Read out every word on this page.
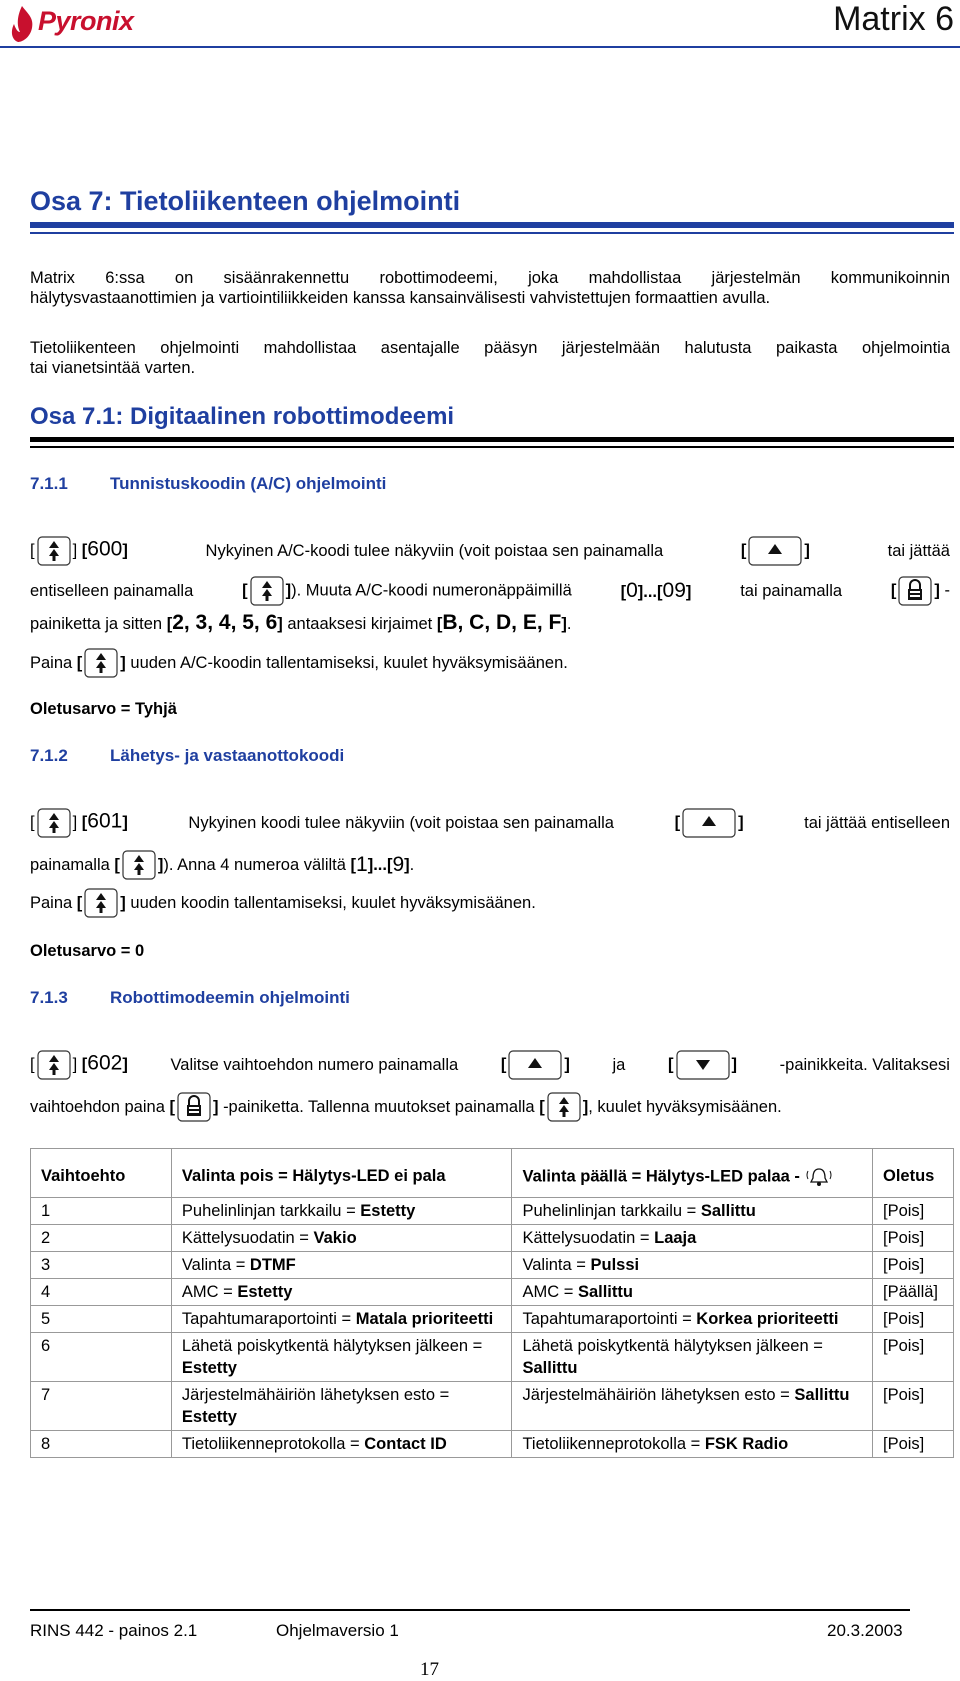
Pyronix	Matrix 6
Osa 7: Tietoliikenteen ohjelmointi
Matrix 6:ssa on sisäänrakennettu robottimodeemi, joka mahdollistaa järjestelmän kommunikoinnin
hälytysvastaanottimien ja vartiointiliikkeiden kanssa kansainvälisesti vahvistettujen formaattien avulla.
Tietoliikenteen ohjelmointi mahdollistaa asentajalle pääsyn järjestelmään halutusta paikasta ohjelmointia
tai vianetsintää varten.
Osa 7.1: Digitaalinen robottimodeemi
7.1.1 Tunnistuskoodin (A/C) ohjelmointi
[ ] [600]	Nykyinen A/C-koodi tulee näkyviin (voit poistaa sen painamalla	[	]	tai jättää
entiselleen painamalla	[ ]). Muuta A/C-koodi numeronäppäimillä	[0]...[09]	tai painamalla	[ ] -
painiketta ja sitten [2, 3, 4, 5, 6] antaaksesi kirjaimet [B, C, D, E, F].
Paina
[ ]
uuden A/C-koodin tallentamiseksi, kuulet hyväksymisäänen.
Oletusarvo = Tyhjä
7.1.2 Lähetys- ja vastaanottokoodi
[ ] [601]	Nykyinen koodi tulee näkyviin (voit poistaa sen painamalla	[	]	tai jättää entiselleen
painamalla
[ ] ). Anna 4 numeroa väliltä
[ 1 ] ... [ 9 ] .
Paina
[ ]
uuden koodin tallentamiseksi, kuulet hyväksymisäänen.
Oletusarvo = 0
7.1.3 Robottimodeemin ohjelmointi
[ ] [602]	Valitse vaihtoehdon numero painamalla	[	]	ja	[	]	-painikkeita. Valitaksesi
vaihtoehdon paina
[ ]
-painiketta. Tallenna muutokset painamalla
[ ] , kuulet hyväksymisäänen.
Vaihtoehto	Valinta pois = Hälytys-LED ei pala	Valinta päällä = Hälytys-LED palaa -	Oletus
1	Puhelinlinjan tarkkailu = Estetty	Puhelinlinjan tarkkailu = Sallittu	[Pois]
2	Kättelysuodatin = Vakio	Kättelysuodatin = Laaja	[Pois]
3	Valinta = DTMF	Valinta = Pulssi	[Pois]
4	AMC = Estetty	AMC = Sallittu	[Päällä]
5	Tapahtumaraportointi = Matala prioriteetti	Tapahtumaraportointi = Korkea prioriteetti	[Pois]
6	Lähetä poiskytkentä hälytyksen jälkeen = Estetty	Lähetä poiskytkentä hälytyksen jälkeen = Sallittu	[Pois]
7	Järjestelmähäiriön lähetyksen esto = Estetty	Järjestelmähäiriön lähetyksen esto = Sallittu	[Pois]
8	Tietoliikenneprotokolla = Contact ID	Tietoliikenneprotokolla = FSK Radio	[Pois]
RINS 442 - painos 2.1	Ohjelmaversio 1	20.3.2003
17
